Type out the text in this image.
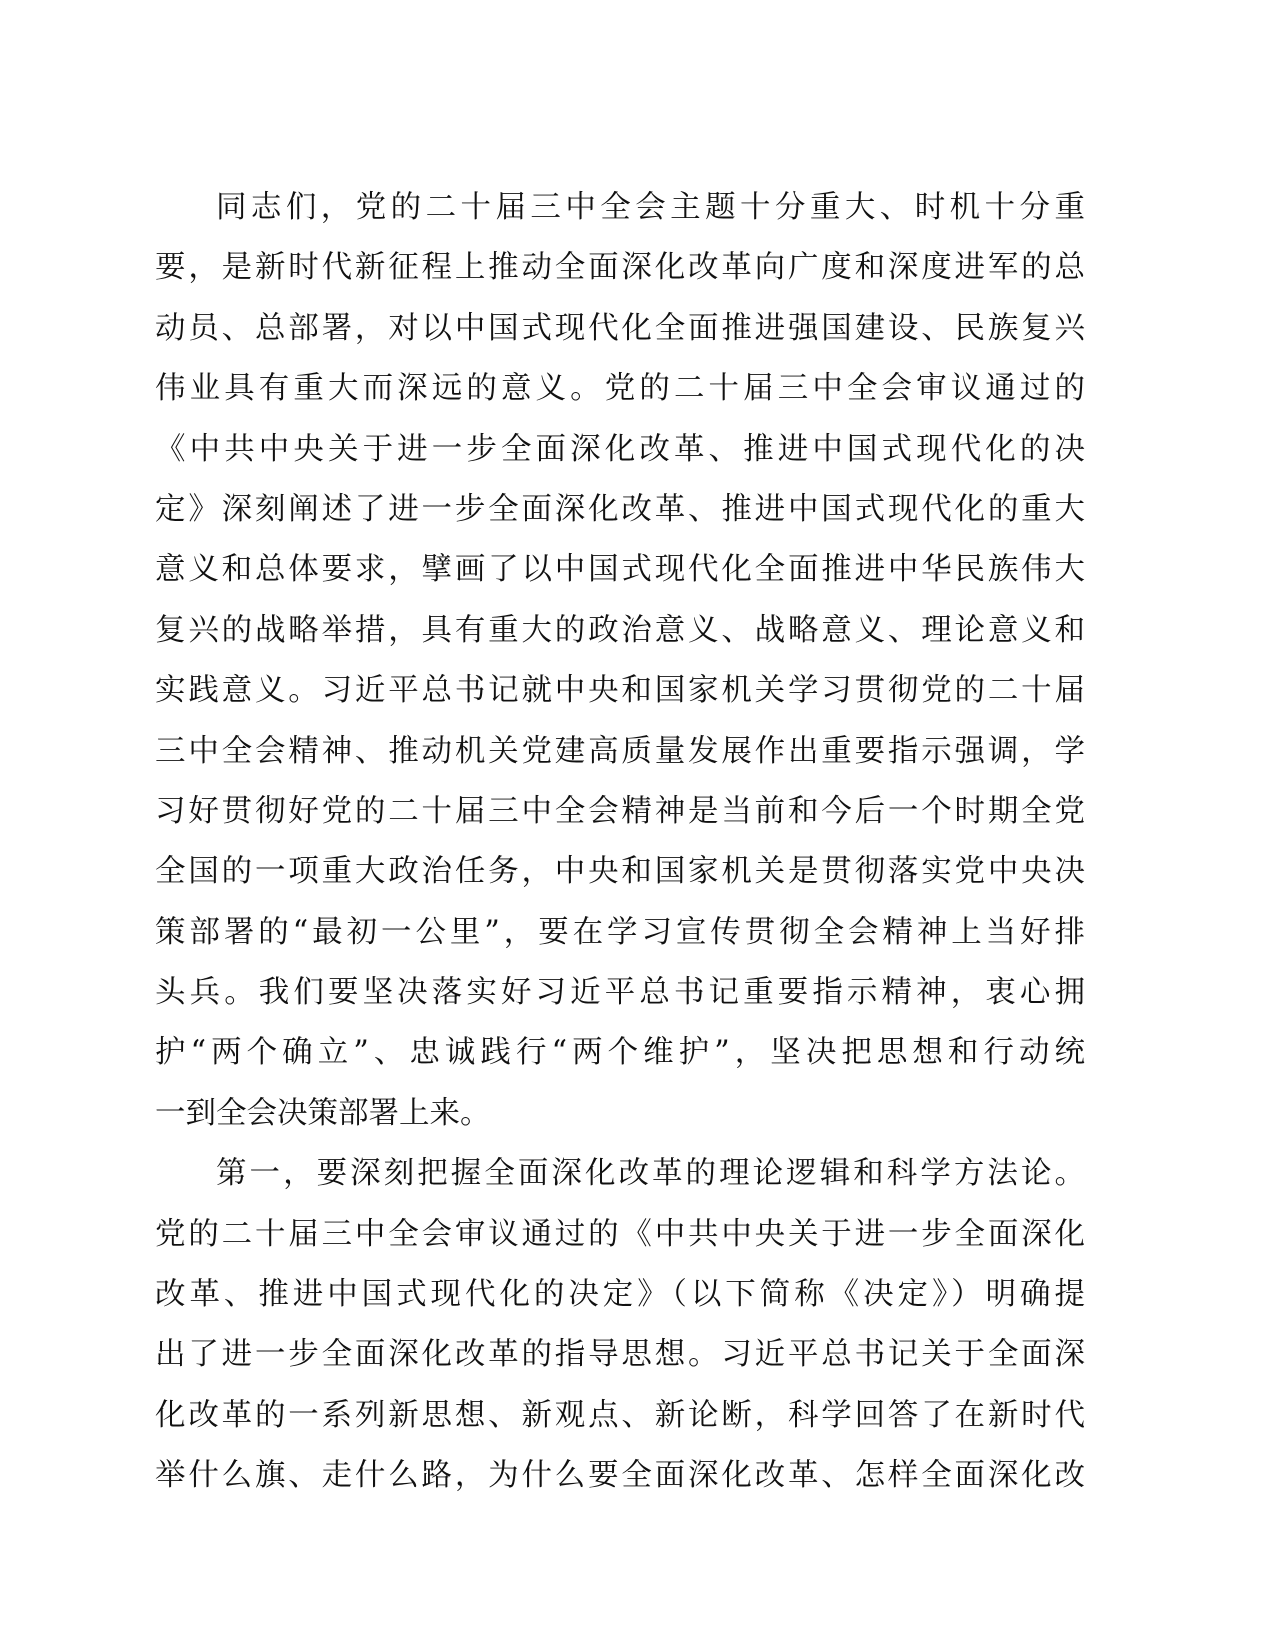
同志们，党的二十届三中全会主题十分重大、时机十分重
要，是新时代新征程上推动全面深化改革向广度和深度进军的总
动员、总部署，对以中国式现代化全面推进强国建设、民族复兴
伟业具有重大而深远的意义。党的二十届三中全会审议通过的
《中共中央关于进一步全面深化改革、推进中国式现代化的决
定》深刻阐述了进一步全面深化改革、推进中国式现代化的重大
意义和总体要求，擘画了以中国式现代化全面推进中华民族伟大
复兴的战略举措，具有重大的政治意义、战略意义、理论意义和
实践意义。习近平总书记就中央和国家机关学习贯彻党的二十届
三中全会精神、推动机关党建高质量发展作出重要指示强调，学
习好贯彻好党的二十届三中全会精神是当前和今后一个时期全党
全国的一项重大政治任务，中央和国家机关是贯彻落实党中央决
策部署的“最初一公里”，要在学习宣传贯彻全会精神上当好排
头兵。我们要坚决落实好习近平总书记重要指示精神，衷心拥
护“两个确立”、忠诚践行“两个维护”，坚决把思想和行动统
一到全会决策部署上来。
第一，要深刻把握全面深化改革的理论逻辑和科学方法论。
党的二十届三中全会审议通过的《中共中央关于进一步全面深化
改革、推进中国式现代化的决定》（以下简称《决定》）明确提
出了进一步全面深化改革的指导思想。习近平总书记关于全面深
化改革的一系列新思想、新观点、新论断，科学回答了在新时代
举什么旗、走什么路，为什么要全面深化改革、怎样全面深化改
